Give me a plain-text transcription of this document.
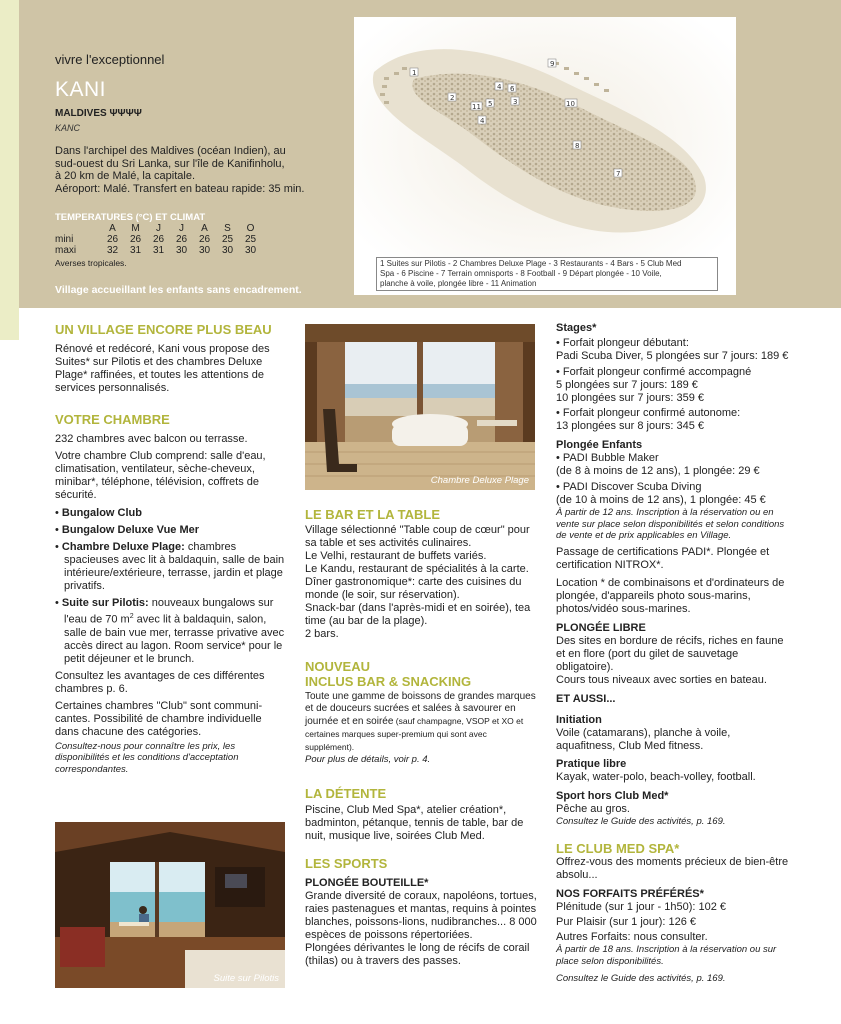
vivre l'exceptionnel
KANI
MALDIVES ΨΨΨΨ
KANC
Dans l'archipel des Maldives (océan Indien), au
sud-ouest du Sri Lanka, sur l'île de Kanifinholu,
à 20 km de Malé, la capitale.
Aéroport: Malé. Transfert en bateau rapide: 35 min.
TEMPERATURES (°C) ET CLIMAT
	A	M	J	J	A	S	O
mini	26	26	26	26	26	25	25
maxi	32	31	31	30	30	30	30
Averses tropicales.
Village accueillant les enfants sans encadrement.
1
2	3
4
4
5
6
7
8
9
10
11
1 Suites sur Pilotis - 2 Chambres Deluxe Plage - 3 Restaurants - 4 Bars - 5 Club Med
Spa - 6 Piscine - 7 Terrain omnisports - 8 Football - 9 Départ plongée - 10 Voile,
planche à voile, plongée libre - 11 Animation
Chambre Deluxe Plage
Suite sur Pilotis
UN VILLAGE ENCORE PLUS BEAU

Rénové et redécoré, Kani vous propose des Suites* sur Pilotis et des chambres Deluxe Plage* raffinées, et toutes les attentions de services personnalisés.

VOTRE CHAMBRE

232 chambres avec balcon ou terrasse.

Votre chambre Club comprend: salle d'eau, climatisation, ventilateur, sèche-cheveux, minibar*, téléphone, télévision, coffrets de sécurité.

• Bungalow Club
• Bungalow Deluxe Vue Mer
• Chambre Deluxe Plage: chambres spacieuses avec lit à baldaquin, salle de bain intérieure/extérieure, terrasse, jardin et plage privatifs.
• Suite sur Pilotis: nouveaux bungalows sur l'eau de 70 $m^2$ avec lit à baldaquin, salon, salle de bain vue mer, terrasse privative avec accès direct au lagon. Room service* pour le petit déjeuner et le brunch.

Consultez les avantages de ces différentes chambres p. 6.

Certaines chambres "Club" sont communi-cantes. Possibilité de chambre individuelle dans chacune des catégories.

Consultez-nous pour connaître les prix, les disponibilités et les conditions d'acceptation correspondantes.

LE BAR ET LA TABLE

Village sélectionné "Table coup de cœur" pour sa table et ses activités culinaires.

Le Velhi, restaurant de buffets variés.

Le Kandu, restaurant de spécialités à la carte.

Dîner gastronomique*: carte des cuisines du monde (le soir, sur réservation).

Snack-bar (dans l'après-midi et en soirée), tea time (au bar de la plage).

2 bars.

NOUVEAU
INCLUS BAR & SNACKING

Toute une gamme de boissons de grandes marques et de douceurs sucrées et salées à savourer en journée et en soirée (sauf champagne, VSOP et XO et certaines marques super-premium qui sont avec supplément).

Pour plus de détails, voir p. 4.

LA DÉTENTE

Piscine, Club Med Spa*, atelier création*, badminton, pétanque, tennis de table, bar de nuit, musique live, soirées Club Med.

LES SPORTS

PLONGÉE BOUTEILLE*

Grande diversité de coraux, napoléons, tortues, raies pastenagues et mantas, requins à pointes blanches, poissons-lions, nudibranches... 8 000 espèces de poissons répertoriées.

Plongées dérivantes le long de récifs de corail (thilas) ou à travers des passes.

Stages*

• Forfait plongeur débutant:

Padi Scuba Diver, 5 plongées sur 7 jours: 189 €

• Forfait plongeur confirmé accompagné

5 plongées sur 7 jours: 189 €

10 plongées sur 7 jours: 359 €

• Forfait plongeur confirmé autonome:

13 plongées sur 8 jours: 345 €

Plongée Enfants

• PADI Bubble Maker

(de 8 à moins de 12 ans), 1 plongée: 29 €

• PADI Discover Scuba Diving

(de 10 à moins de 12 ans), 1 plongée: 45 €

À partir de 12 ans. Inscription à la réservation ou en vente sur place selon disponibilités et selon conditions de vente et de prix applicables en Village.

Passage de certifications PADI*. Plongée et certification NITROX*.

Location * de combinaisons et d'ordinateurs de plongée, d'appareils photo sous-marins, photos/vidéo sous-marines.

PLONGÉE LIBRE

Des sites en bordure de récifs, riches en faune et en flore (port du gilet de sauvetage obligatoire).

Cours tous niveaux avec sorties en bateau.

ET AUSSI...

Initiation

Voile (catamarans), planche à voile, aquafitness, Club Med fitness.

Pratique libre

Kayak, water-polo, beach-volley, football.

Sport hors Club Med*

Pêche au gros.

Consultez le Guide des activités, p. 169.

LE CLUB MED SPA*

Offrez-vous des moments précieux de bien-être absolu...

NOS FORFAITS PRÉFÉRÉS*

Plénitude (sur 1 jour - 1h50): 102 €

Pur Plaisir (sur 1 jour): 126 €

Autres Forfaits: nous consulter.

À partir de 18 ans. Inscription à la réservation ou sur place selon disponibilités.

Consultez le Guide des activités, p. 169.
